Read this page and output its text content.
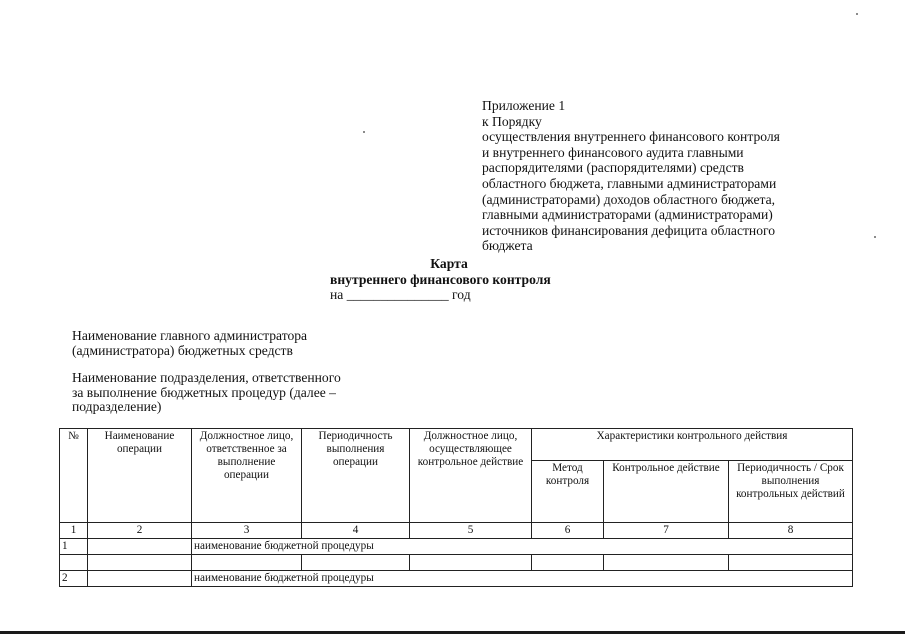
Приложение 1
к Порядку
осуществления внутреннего финансового контроля
и внутреннего финансового аудита главными
распорядителями (распорядителями) средств
областного бюджета, главными администраторами
(администраторами) доходов областного бюджета,
главными администраторами (администраторами)
источников финансирования дефицита областного
бюджета
Карта
внутреннего финансового контроля
на _______________ год
Наименование главного администратора
(администратора) бюджетных средств
Наименование подразделения, ответственного
за выполнение бюджетных процедур (далее –
подразделение)
№	Наименование операции	Должностное лицо, ответственное за выполнение операции	Периодичность выполнения операции	Должностное лицо, осуществляющее контрольное действие	Характеристики контрольного действия		
					Метод контроля	Контрольное действие	Периодичность / Срок выполнения контрольных действий
1	2	3	4	5	6	7	8
1		наименование бюджетной процедуры					

2		наименование бюджетной процедуры					
